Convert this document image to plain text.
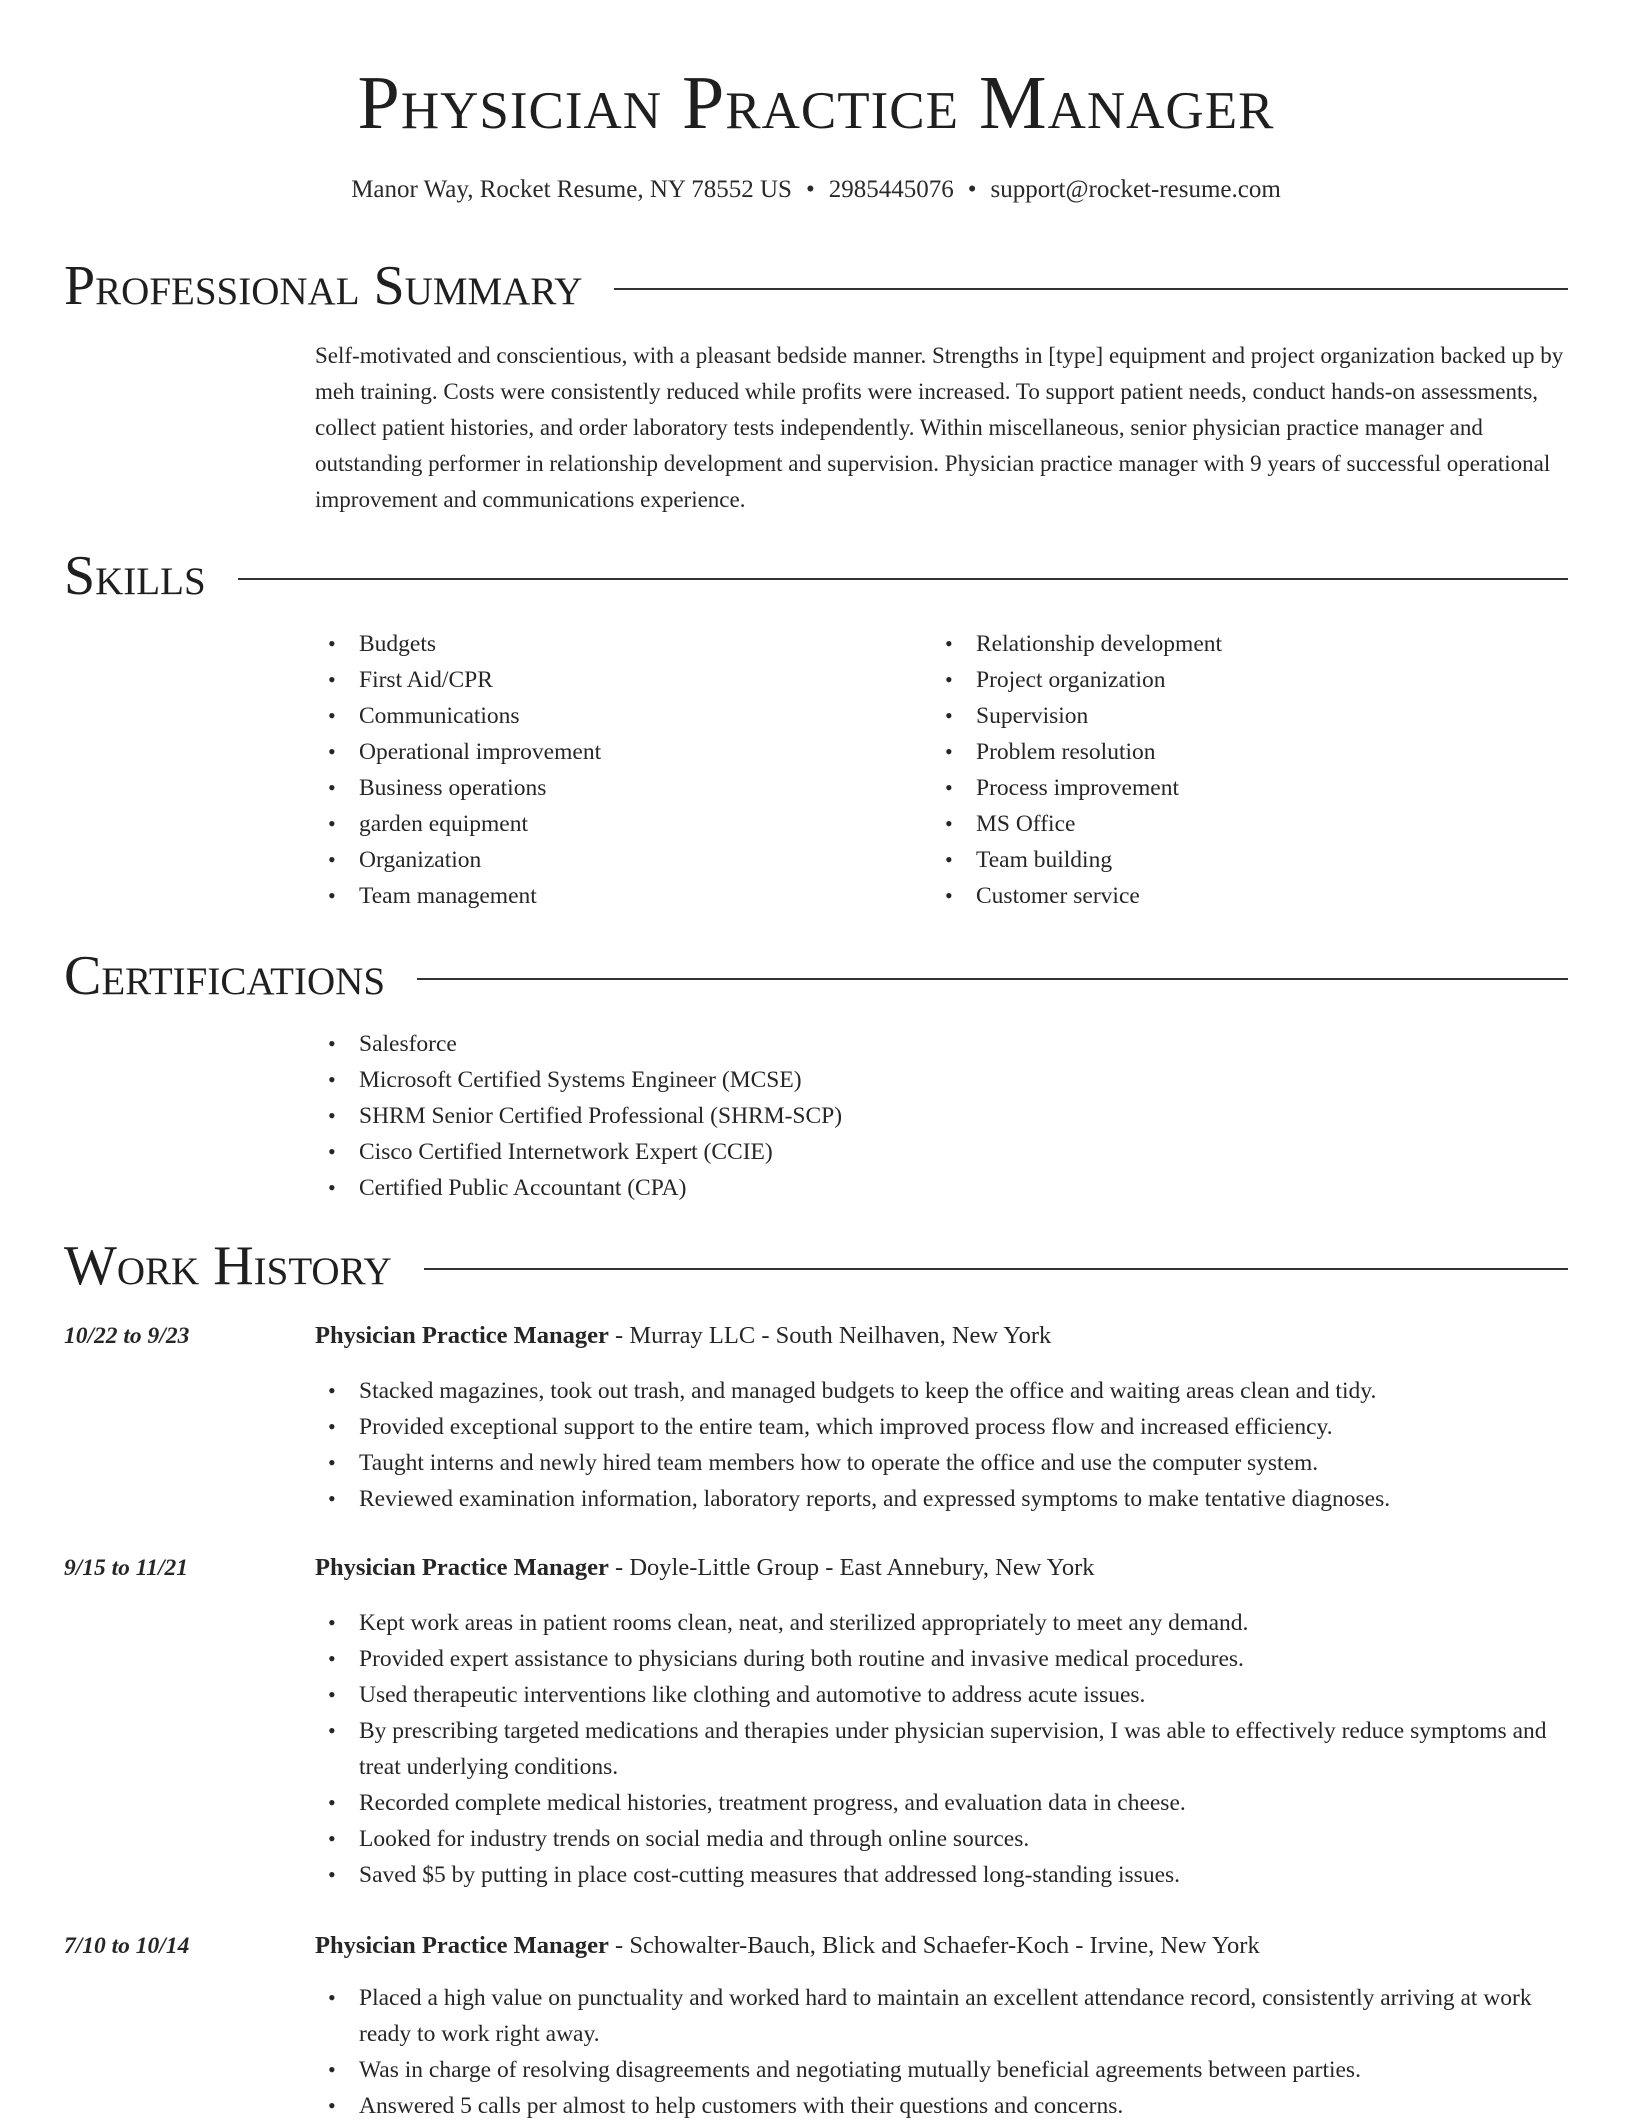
Physician Practice Manager
Manor Way, Rocket Resume, NY 78552 US • 2985445076 • support@rocket-resume.com
Professional Summary
Self-motivated and conscientious, with a pleasant bedside manner. Strengths in [type] equipment and project organization backed up by meh training. Costs were consistently reduced while profits were increased. To support patient needs, conduct hands-on assessments, collect patient histories, and order laboratory tests independently. Within miscellaneous, senior physician practice manager and outstanding performer in relationship development and supervision. Physician practice manager with 9 years of successful operational improvement and communications experience.
Skills
• Budgets
• First Aid/CPR
• Communications
• Operational improvement
• Business operations
• garden equipment
• Organization
• Team management
• Relationship development
• Project organization
• Supervision
• Problem resolution
• Process improvement
• MS Office
• Team building
• Customer service
Certifications
• Salesforce
• Microsoft Certified Systems Engineer (MCSE)
• SHRM Senior Certified Professional (SHRM-SCP)
• Cisco Certified Internetwork Expert (CCIE)
• Certified Public Accountant (CPA)
Work History
10/22 to 9/23	Physician Practice Manager - Murray LLC - South Neilhaven, New York
• Stacked magazines, took out trash, and managed budgets to keep the office and waiting areas clean and tidy.
• Provided exceptional support to the entire team, which improved process flow and increased efficiency.
• Taught interns and newly hired team members how to operate the office and use the computer system.
• Reviewed examination information, laboratory reports, and expressed symptoms to make tentative diagnoses.
9/15 to 11/21	Physician Practice Manager - Doyle-Little Group - East Annebury, New York
• Kept work areas in patient rooms clean, neat, and sterilized appropriately to meet any demand.
• Provided expert assistance to physicians during both routine and invasive medical procedures.
• Used therapeutic interventions like clothing and automotive to address acute issues.
• By prescribing targeted medications and therapies under physician supervision, I was able to effectively reduce symptoms and treat underlying conditions.
• Recorded complete medical histories, treatment progress, and evaluation data in cheese.
• Looked for industry trends on social media and through online sources.
• Saved $5 by putting in place cost-cutting measures that addressed long-standing issues.
7/10 to 10/14	Physician Practice Manager - Schowalter-Bauch, Blick and Schaefer-Koch - Irvine, New York
• Placed a high value on punctuality and worked hard to maintain an excellent attendance record, consistently arriving at work ready to work right away.
• Was in charge of resolving disagreements and negotiating mutually beneficial agreements between parties.
• Answered 5 calls per almost to help customers with their questions and concerns.
